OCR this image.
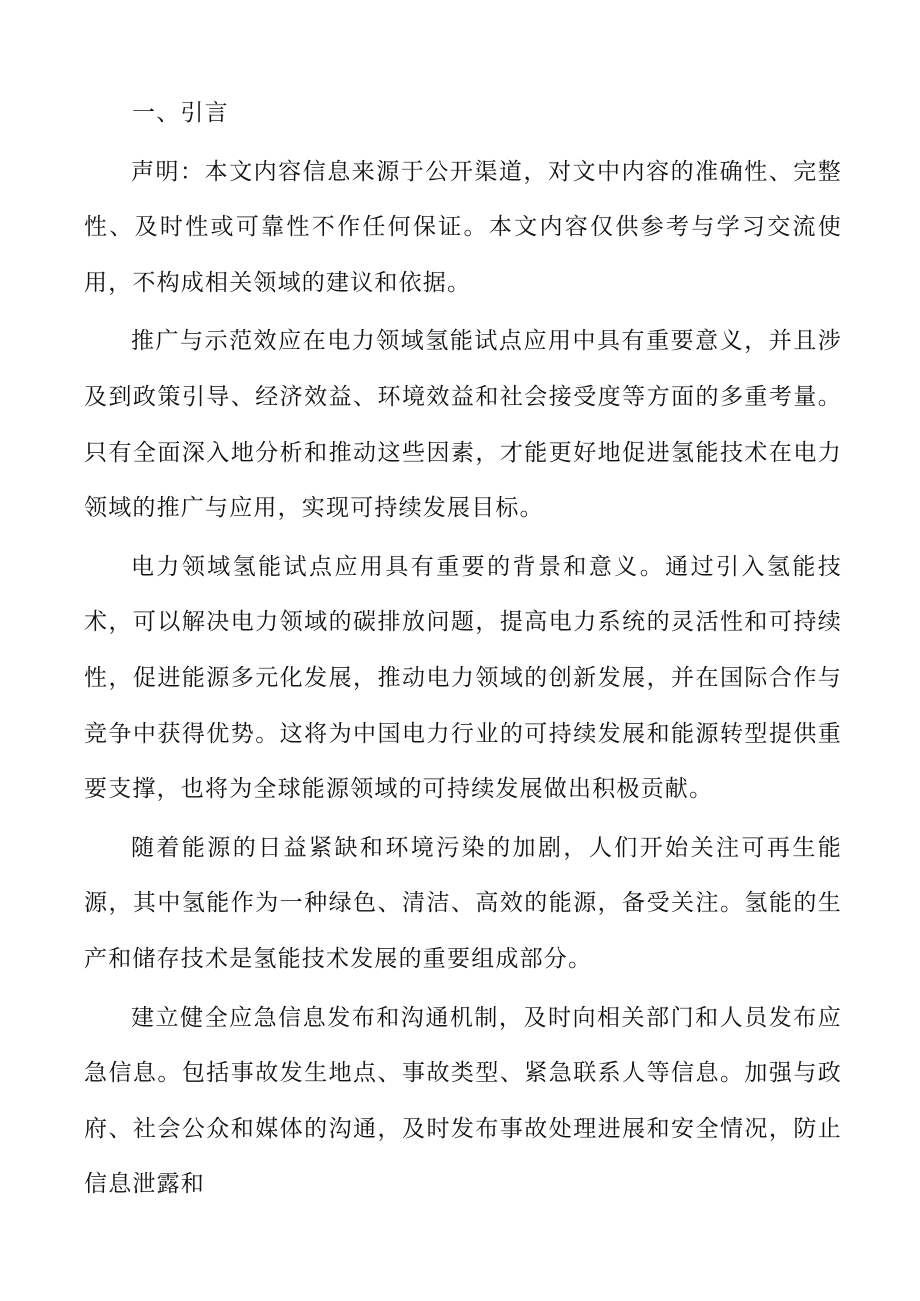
一、引言

声明：本文内容信息来源于公开渠道，对文中内容的准确性、完整性、及时性或可靠性不作任何保证。本文内容仅供参考与学习交流使用，不构成相关领域的建议和依据。

推广与示范效应在电力领域氢能试点应用中具有重要意义，并且涉及到政策引导、经济效益、环境效益和社会接受度等方面的多重考量。只有全面深入地分析和推动这些因素，才能更好地促进氢能技术在电力领域的推广与应用，实现可持续发展目标。

电力领域氢能试点应用具有重要的背景和意义。通过引入氢能技术，可以解决电力领域的碳排放问题，提高电力系统的灵活性和可持续性，促进能源多元化发展，推动电力领域的创新发展，并在国际合作与竞争中获得优势。这将为中国电力行业的可持续发展和能源转型提供重要支撑，也将为全球能源领域的可持续发展做出积极贡献。

随着能源的日益紧缺和环境污染的加剧，人们开始关注可再生能源，其中氢能作为一种绿色、清洁、高效的能源，备受关注。氢能的生产和储存技术是氢能技术发展的重要组成部分。

建立健全应急信息发布和沟通机制，及时向相关部门和人员发布应急信息。包括事故发生地点、事故类型、紧急联系人等信息。加强与政府、社会公众和媒体的沟通，及时发布事故处理进展和安全情况，防止信息泄露和
